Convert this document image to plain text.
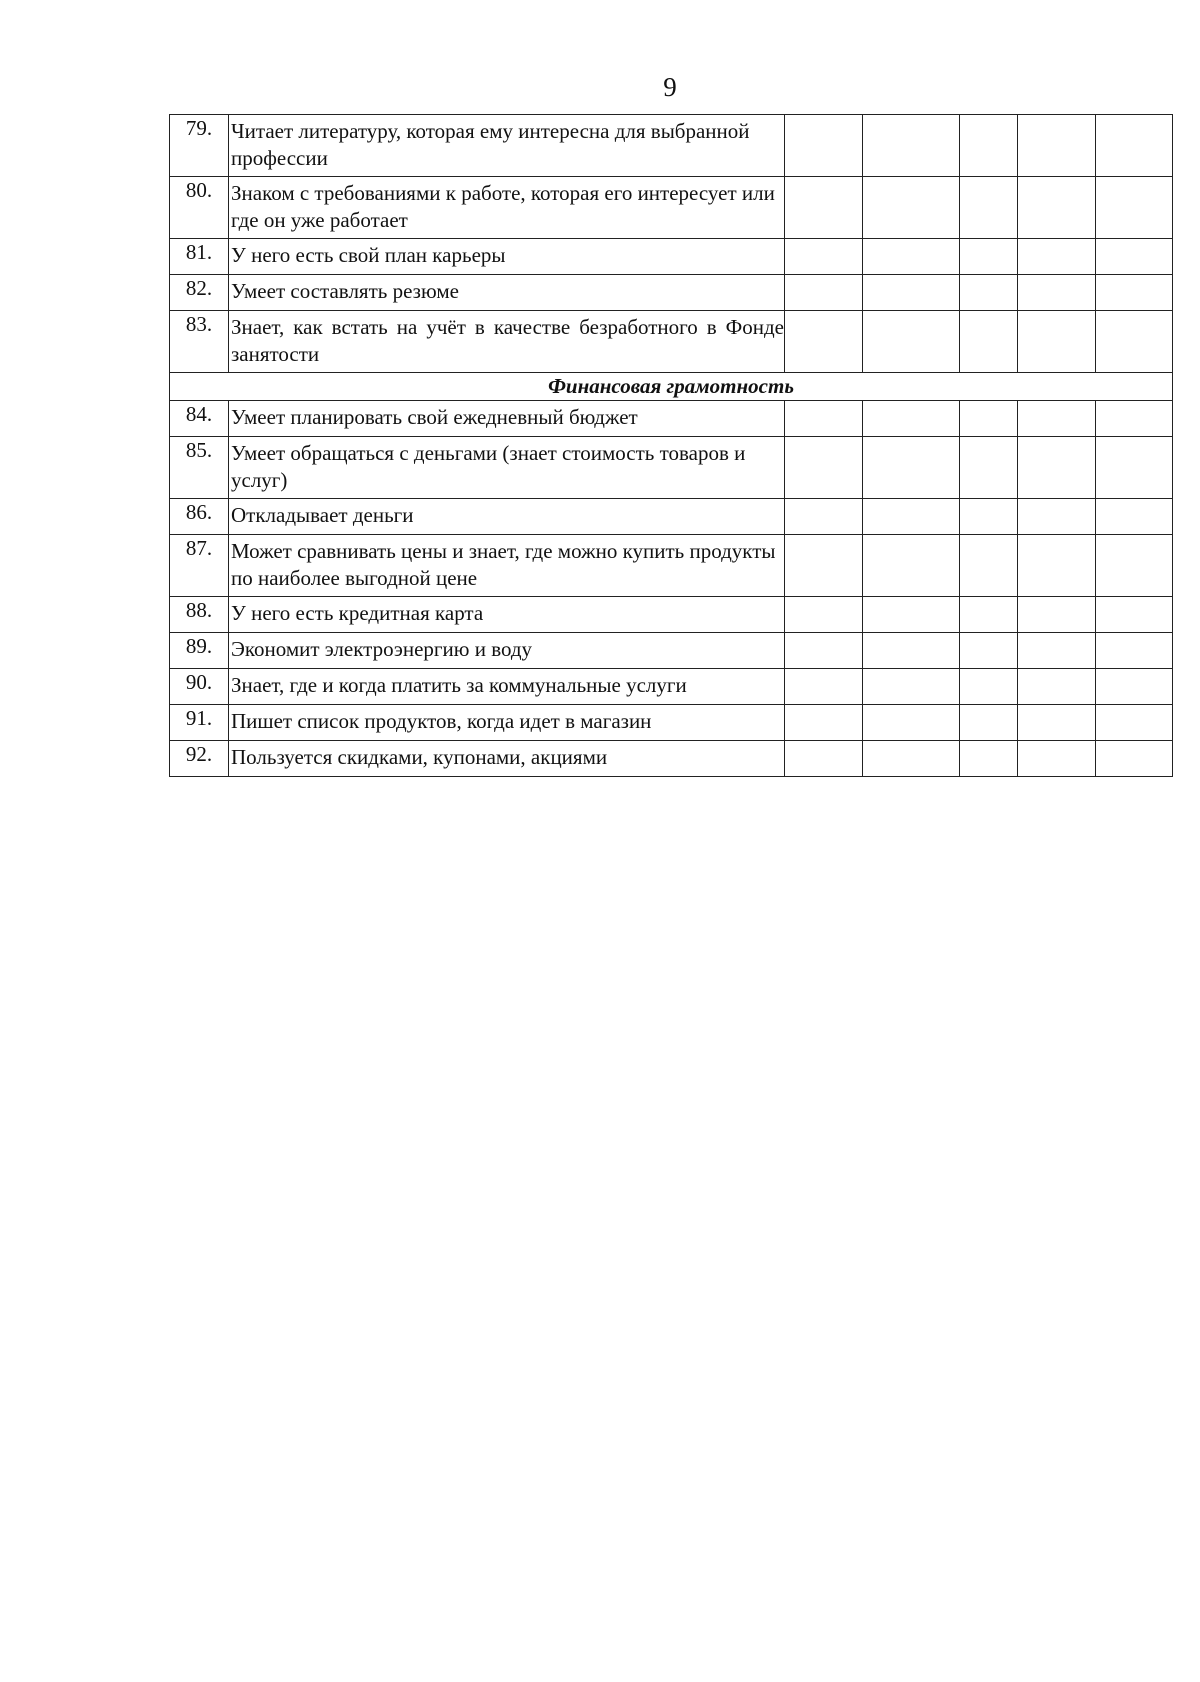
9
79.	Читает литературу, которая ему интересна для выбранной профессии					
80.	Знаком с требованиями к работе, которая его интересует или где он уже работает					
81.	У него есть свой план карьеры					
82.	Умеет составлять резюме					
83.	Знает, как встать на учёт в качестве безработного в Фонде занятости					
Финансовая грамотность						
84.	Умеет планировать свой ежедневный бюджет					
85.	Умеет обращаться с деньгами (знает стоимость товаров и услуг)					
86.	Откладывает деньги					
87.	Может сравнивать цены и знает, где можно купить продукты по наиболее выгодной цене					
88.	У него есть кредитная карта					
89.	Экономит электроэнергию и воду					
90.	Знает, где и когда платить за коммунальные услуги					
91.	Пишет список продуктов, когда идет в магазин					
92.	Пользуется скидками, купонами, акциями					
